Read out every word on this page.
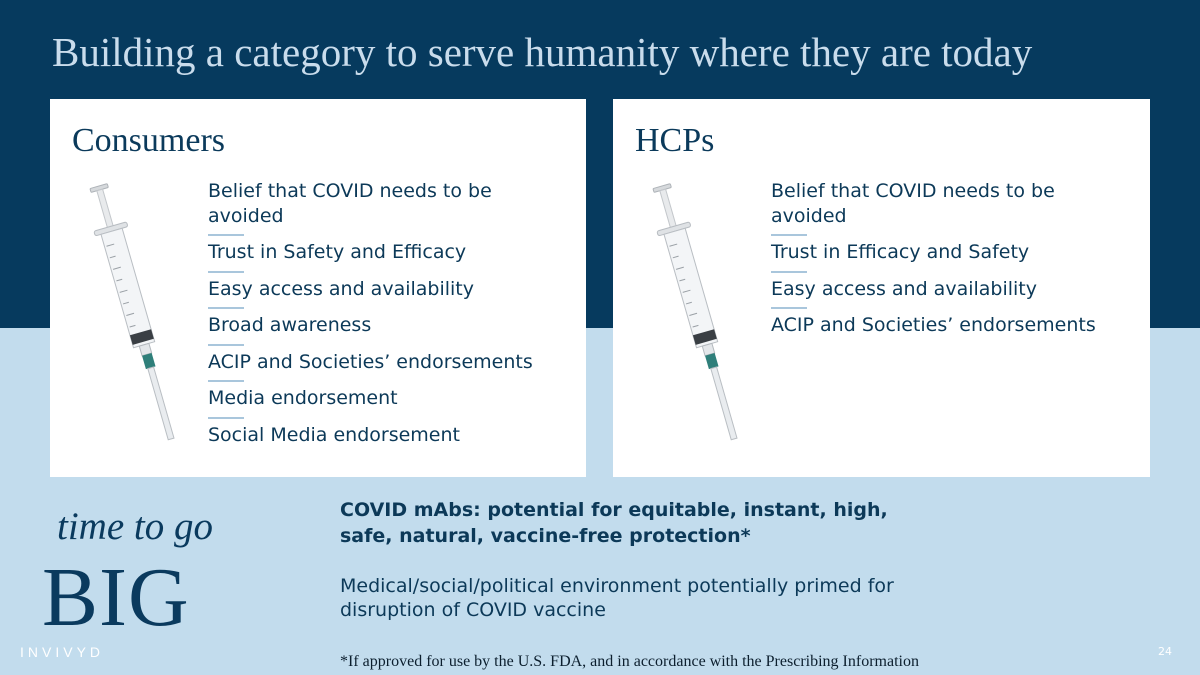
Building a category to serve humanity where they are today
Consumers
Belief that COVID needs to be avoided
Trust in Safety and Efficacy
Easy access and availability
Broad awareness
ACIP and Societies’ endorsements
Media endorsement
Social Media endorsement
HCPs
Belief that COVID needs to be avoided
Trust in Efficacy and Safety
Easy access and availability
ACIP and Societies’ endorsements
time to go
BIG
INVIVYD
COVID mAbs: potential for equitable, instant, high, safe, natural, vaccine-free protection*
Medical/social/political environment potentially primed for disruption of COVID vaccine
*If approved for use by the U.S. FDA, and in accordance with the Prescribing Information
24
